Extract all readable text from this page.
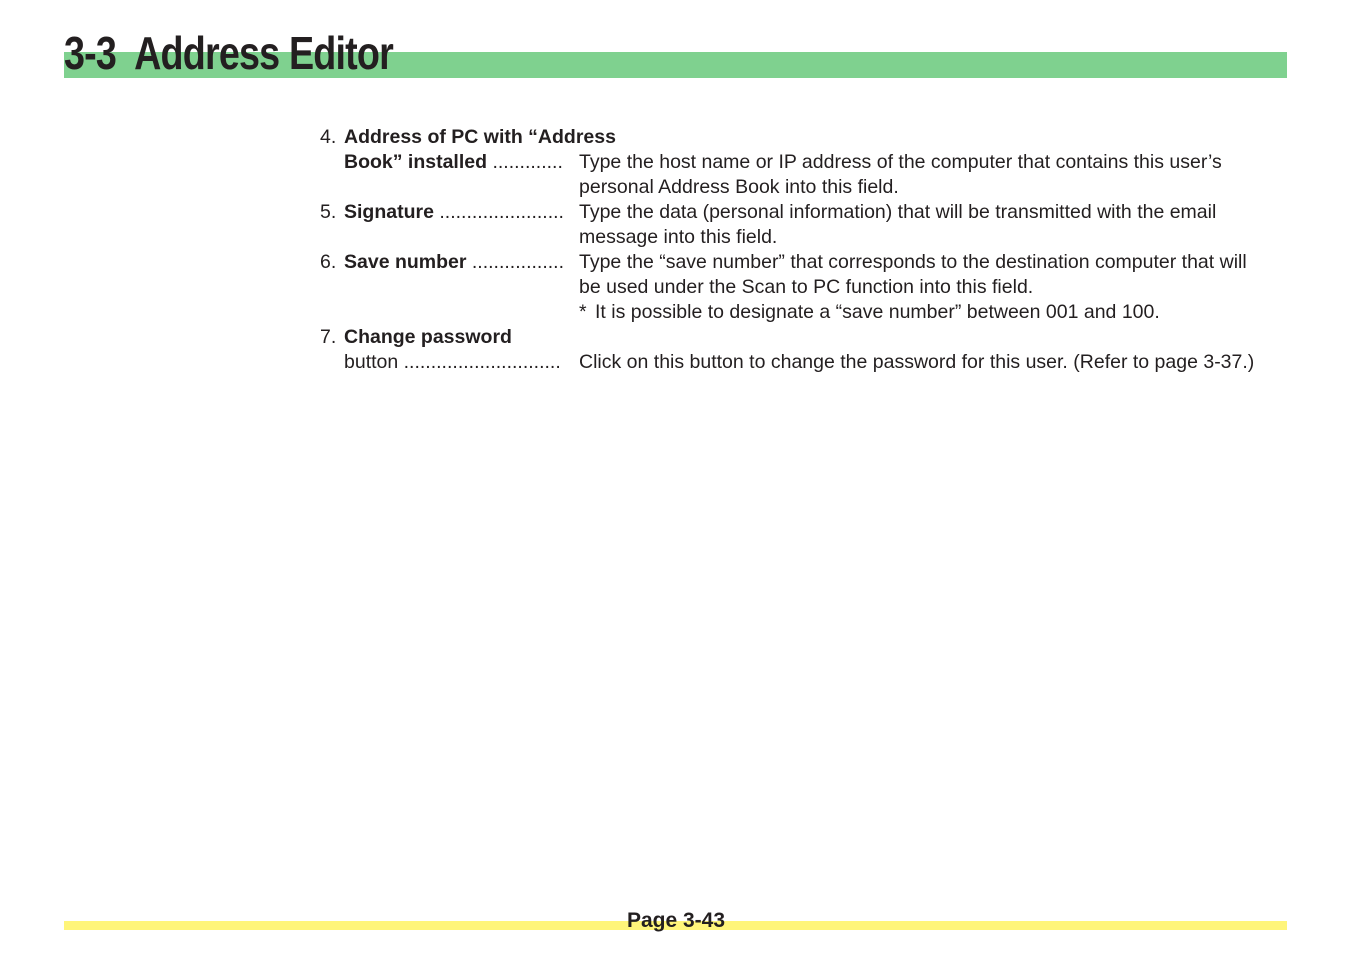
3-3 Address Editor
4. Address of PC with “Address
Book” installed ............. Type the host name or IP address of the computer that contains this user’s
personal Address Book into this field.
5. Signature ....................... Type the data (personal information) that will be transmitted with the email
message into this field.
6. Save number ................. Type the “save number” that corresponds to the destination computer that will
be used under the Scan to PC function into this field.
* It is possible to designate a “save number” between 001 and 100.
7. Change password
button ............................. Click on this button to change the password for this user. (Refer to page 3-37.)
Page 3-43
